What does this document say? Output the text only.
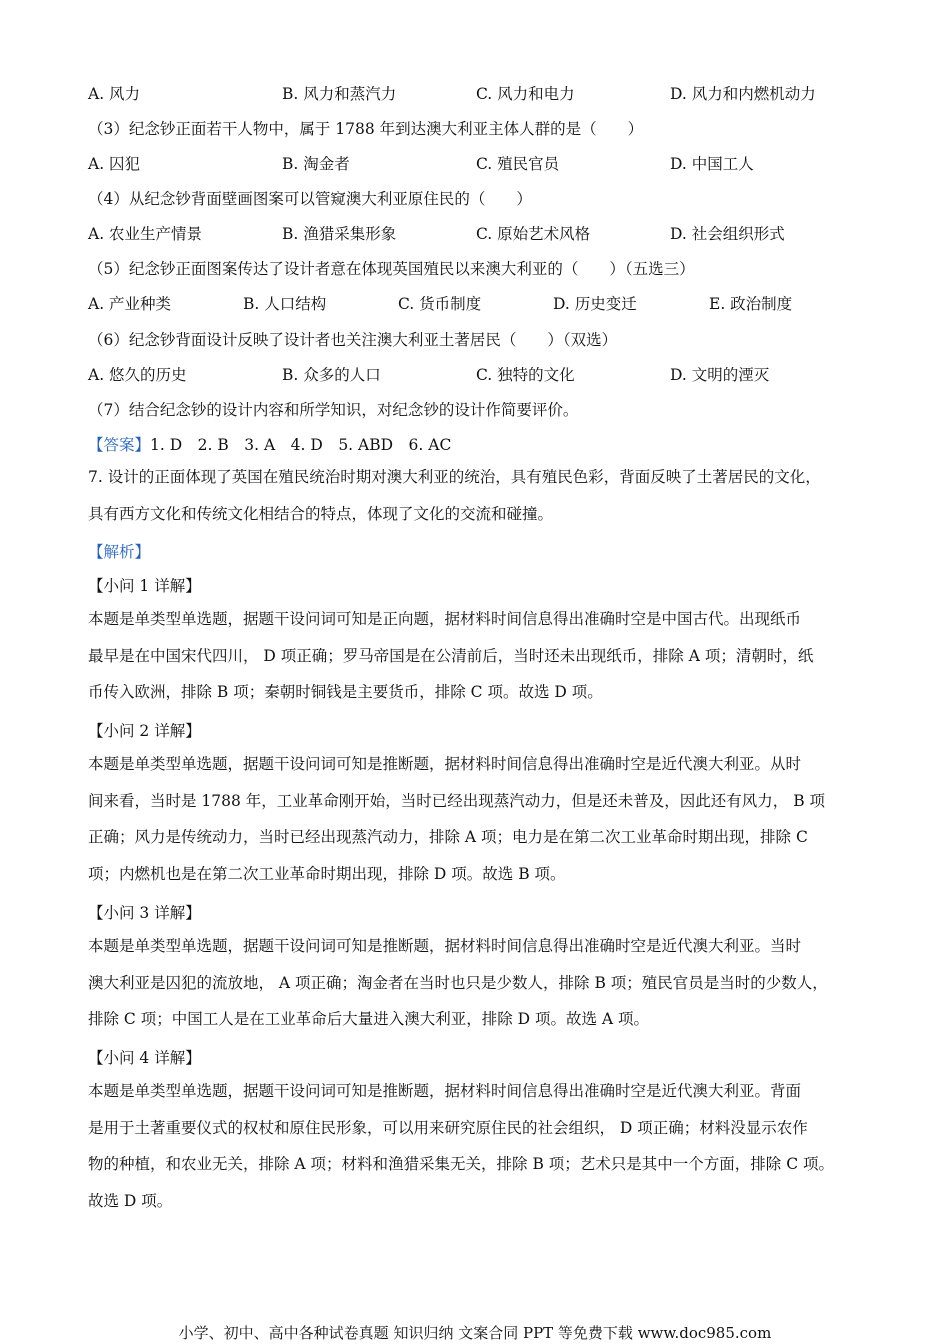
A. 风力	B. 风力和蒸汽力	C. 风力和电力	D. 风力和内燃机动力
（3）纪念钞正面若干人物中，属于 1788 年到达澳大利亚主体人群的是（　　）
A. 囚犯	B. 淘金者	C. 殖民官员	D. 中国工人
（4）从纪念钞背面壁画图案可以管窥澳大利亚原住民的（　　）
A. 农业生产情景	B. 渔猎采集形象	C. 原始艺术风格	D. 社会组织形式
（5）纪念钞正面图案传达了设计者意在体现英国殖民以来澳大利亚的（　　）（五选三）
A. 产业种类	B. 人口结构	C. 货币制度	D. 历史变迁	E. 政治制度
（6）纪念钞背面设计反映了设计者也关注澳大利亚土著居民（　　）（双选）
A. 悠久的历史	B. 众多的人口	C. 独特的文化	D. 文明的湮灭
（7）结合纪念钞的设计内容和所学知识，对纪念钞的设计作简要评价。
【答案】1. D　2. B　3. A　4. D　5. ABD　6. AC
7. 设计的正面体现了英国在殖民统治时期对澳大利亚的统治，具有殖民色彩，背面反映了土著居民的文化，
具有西方文化和传统文化相结合的特点，体现了文化的交流和碰撞。
【解析】
【小问 1 详解】
本题是单类型单选题，据题干设问词可知是正向题，据材料时间信息得出准确时空是中国古代。出现纸币
最早是在中国宋代四川， D 项正确；罗马帝国是在公清前后，当时还未出现纸币，排除 A 项；清朝时，纸
币传入欧洲，排除 B 项；秦朝时铜钱是主要货币，排除 C 项。故选 D 项。
【小问 2 详解】
本题是单类型单选题，据题干设问词可知是推断题，据材料时间信息得出准确时空是近代澳大利亚。从时
间来看，当时是 1788 年，工业革命刚开始，当时已经出现蒸汽动力，但是还未普及，因此还有风力， B 项
正确；风力是传统动力，当时已经出现蒸汽动力，排除 A 项；电力是在第二次工业革命时期出现，排除 C
项；内燃机也是在第二次工业革命时期出现，排除 D 项。故选 B 项。
【小问 3 详解】
本题是单类型单选题，据题干设问词可知是推断题，据材料时间信息得出准确时空是近代澳大利亚。当时
澳大利亚是囚犯的流放地， A 项正确；淘金者在当时也只是少数人，排除 B 项；殖民官员是当时的少数人，
排除 C 项；中国工人是在工业革命后大量进入澳大利亚，排除 D 项。故选 A 项。
【小问 4 详解】
本题是单类型单选题，据题干设问词可知是推断题，据材料时间信息得出准确时空是近代澳大利亚。背面
是用于土著重要仪式的权杖和原住民形象，可以用来研究原住民的社会组织， D 项正确；材料没显示农作
物的种植，和农业无关，排除 A 项；材料和渔猎采集无关，排除 B 项；艺术只是其中一个方面，排除 C 项。
故选 D 项。
小学、初中、高中各种试卷真题 知识归纳 文案合同 PPT 等免费下载 www.doc985.com
